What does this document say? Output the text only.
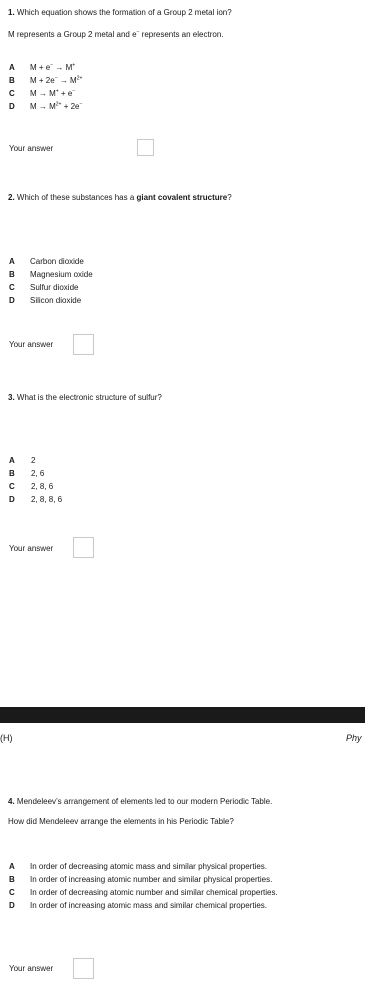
1. Which equation shows the formation of a Group 2 metal ion?
M represents a Group 2 metal and e− represents an electron.
A M + e− → M+
B $M + 2e^- \to M^{2+}$
C M → M+ + e−
D $M \to M^{2+} + 2e^-$
Your answer
2. Which of these substances has a giant covalent structure?
A Carbon dioxide
B Magnesium oxide
C Sulfur dioxide
D Silicon dioxide
Your answer
3. What is the electronic structure of sulfur?
A 2
B 2, 6
C 2, 8, 6
D 2, 8, 8, 6
Your answer
(H)	Phy
4. Mendeleev’s arrangement of elements led to our modern Periodic Table.
How did Mendeleev arrange the elements in his Periodic Table?
A In order of decreasing atomic mass and similar physical properties.
B In order of increasing atomic number and similar physical properties.
C In order of decreasing atomic number and similar chemical properties.
D In order of increasing atomic mass and similar chemical properties.
Your answer
